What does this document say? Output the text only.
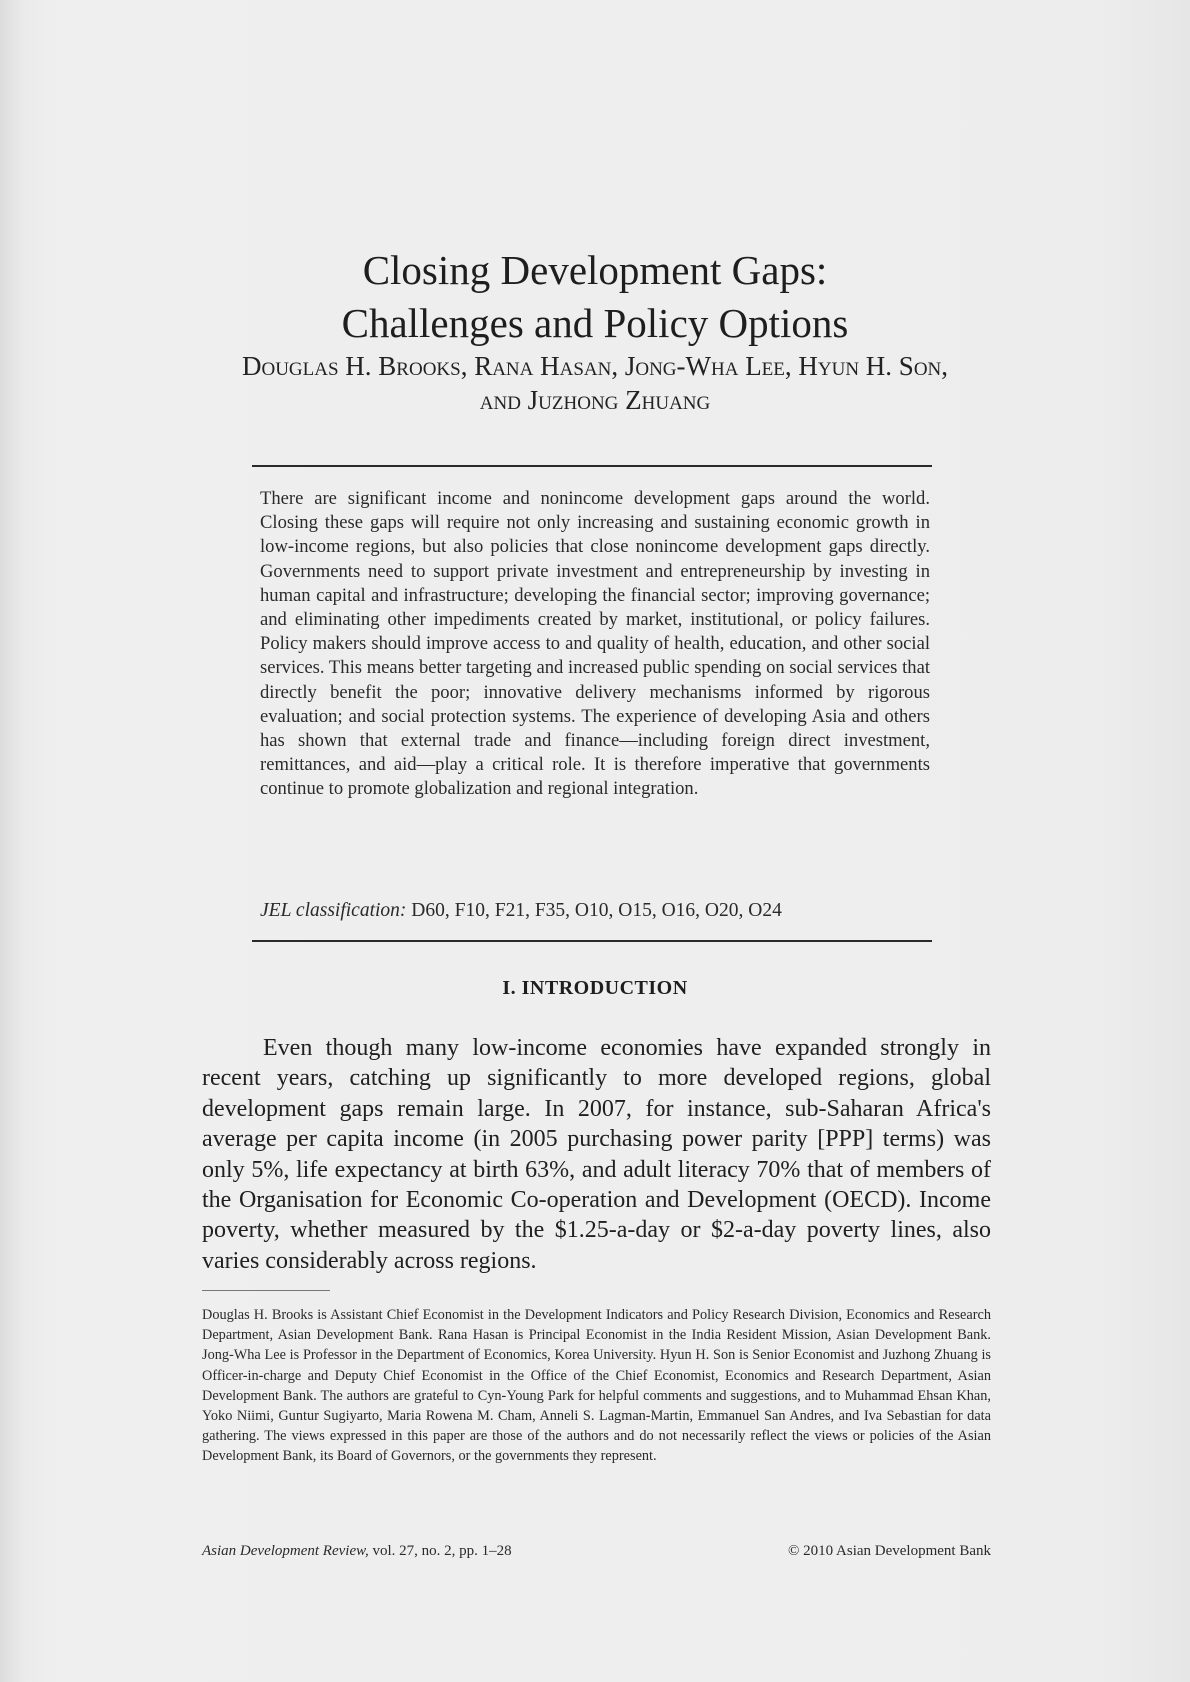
Closing Development Gaps:
Challenges and Policy Options
Douglas H. Brooks, Rana Hasan, Jong-Wha Lee, Hyun H. Son,
and Juzhong Zhuang
There are significant income and nonincome development gaps around the world. Closing these gaps will require not only increasing and sustaining economic growth in low-income regions, but also policies that close nonincome development gaps directly. Governments need to support private investment and entrepreneurship by investing in human capital and infrastructure; developing the financial sector; improving governance; and eliminating other impediments created by market, institutional, or policy failures. Policy makers should improve access to and quality of health, education, and other social services. This means better targeting and increased public spending on social services that directly benefit the poor; innovative delivery mechanisms informed by rigorous evaluation; and social protection systems. The experience of developing Asia and others has shown that external trade and finance—including foreign direct investment, remittances, and aid—play a critical role. It is therefore imperative that governments continue to promote globalization and regional integration.
JEL classification: D60, F10, F21, F35, O10, O15, O16, O20, O24
I. INTRODUCTION
Even though many low-income economies have expanded strongly in recent years, catching up significantly to more developed regions, global development gaps remain large. In 2007, for instance, sub-Saharan Africa's average per capita income (in 2005 purchasing power parity [PPP] terms) was only 5%, life expectancy at birth 63%, and adult literacy 70% that of members of the Organisation for Economic Co-operation and Development (OECD). Income poverty, whether measured by the $1.25-a-day or $2-a-day poverty lines, also varies considerably across regions.
Douglas H. Brooks is Assistant Chief Economist in the Development Indicators and Policy Research Division, Economics and Research Department, Asian Development Bank. Rana Hasan is Principal Economist in the India Resident Mission, Asian Development Bank. Jong-Wha Lee is Professor in the Department of Economics, Korea University. Hyun H. Son is Senior Economist and Juzhong Zhuang is Officer-in-charge and Deputy Chief Economist in the Office of the Chief Economist, Economics and Research Department, Asian Development Bank. The authors are grateful to Cyn-Young Park for helpful comments and suggestions, and to Muhammad Ehsan Khan, Yoko Niimi, Guntur Sugiyarto, Maria Rowena M. Cham, Anneli S. Lagman-Martin, Emmanuel San Andres, and Iva Sebastian for data gathering. The views expressed in this paper are those of the authors and do not necessarily reflect the views or policies of the Asian Development Bank, its Board of Governors, or the governments they represent.
Asian Development Review, vol. 27, no. 2, pp. 1–28	© 2010 Asian Development Bank
